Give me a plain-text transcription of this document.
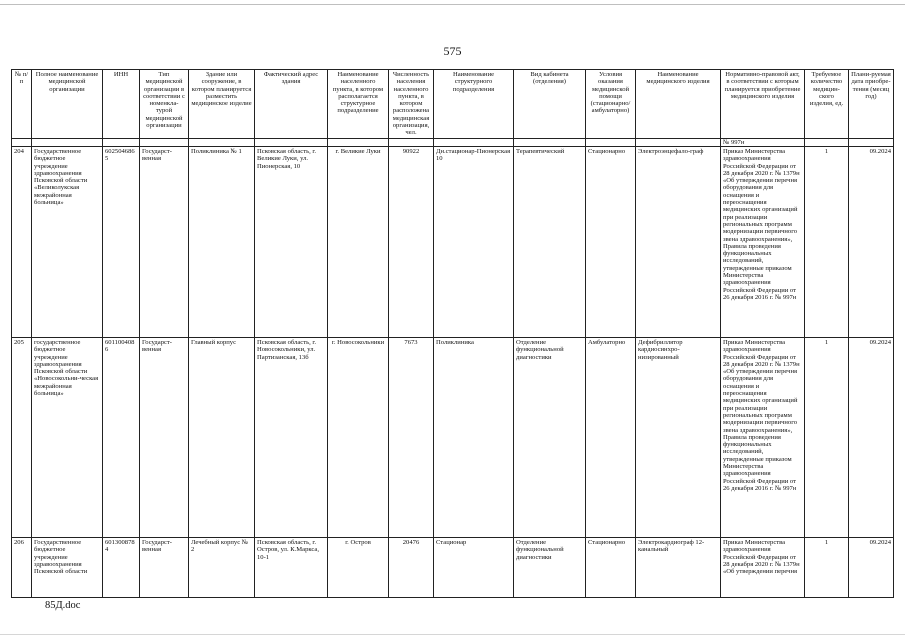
575
№ п/п	Полное наименование медицинской организации	ИНН	Тип медицинской организации в соответствии с номенкла-турой медицинской организации	Здание или сооружение, в котором планируется разместить медицинское изделие	Фактический адрес здания	Наименование населенного пункта, в котором располагается структурное подразделение	Численность населения населенного пункта, в котором расположена медицинская организация, чел.	Наименование структурного подразделения	Вид кабинета (отделения)	Условия оказания медицинской помощи (стационарно/ амбулаторно)	Наименование медицинского изделия	Нормативно-правовой акт, в соответствии с которым планируется приобретение медицинского изделия	Требуемое количество медицин-ского изделия, ед.	Плани-руемая дата приобре-тения (месяц год)
												№ 997н		
204	Государственное бюджетное учреждение здравоохранения Псковской области «Великолукская межрайонная больница»	6025046865	Государст-венная	Поликлиника № 1	Псковская область, г. Великие Луки, ул. Пионерская, 10	г. Великие Луки	90922	Дн.стационар-Пионерская 10	Терапевтический	Стационарно	Электроэнцефало-граф	Приказ Министерства здравоохранения Российской Федерации от 28 декабря 2020 г. № 1379н «Об утверждении перечня оборудования для оснащения и переоснащения медицинских организаций при реализации региональных программ модернизации первичного звена здравоохранения», Правила проведения функциональных исследований, утвержденные приказом Министерства здравоохранения Российской Федерации от 26 декабря 2016 г. № 997н	1	09.2024
205	государственное бюджетное учреждение здравоохранения Псковской области «Новосокольни-ческая межрайонная больница»	6011004086	Государст-венная	Главный корпус	Псковская область, г. Новосокольники, ул. Партизанская, 13б	г. Новосокольники	7673	Поликлиника	Отделение функциональной диагностики	Амбулаторно	Дефибриллятор кардиосинхро-низированный	Приказ Министерства здравоохранения Российской Федерации от 28 декабря 2020 г. № 1379н «Об утверждении перечня оборудования для оснащения и переоснащения медицинских организаций при реализации региональных программ модернизации первичного звена здравоохранения», Правила проведения функциональных исследований, утвержденные приказом Министерства здравоохранения Российской Федерации от 26 декабря 2016 г. № 997н	1	09.2024
206	Государственное бюджетное учреждение здравоохранения Псковской области	6013008784	Государст-венная	Лечебный корпус № 2	Псковская область, г. Остров, ул. К.Маркса, 10-1	г. Остров	20476	Стационар	Отделение функциональной диагностики	Стационарно	Электрокардиограф 12-канальный	Приказ Министерства здравоохранения Российской Федерации от 28 декабря 2020 г. № 1379н «Об утверждении перечня	1	09.2024
85Д.doc
